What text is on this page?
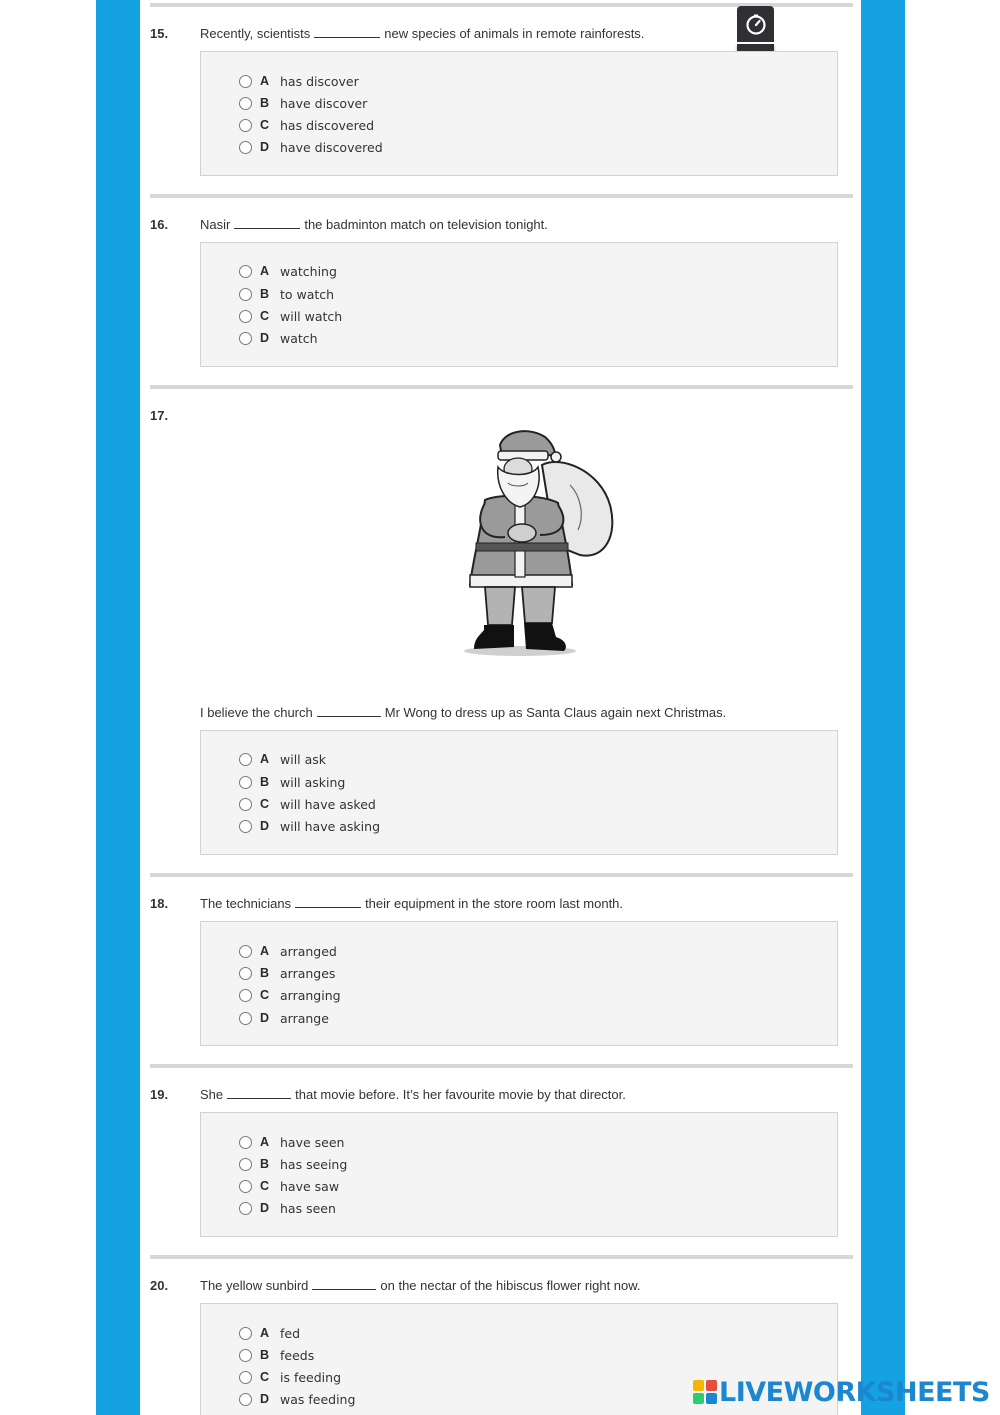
15. Recently, scientists	new species of animals in remote rainforests.
A has discover
B have discover
C has discovered
D have discovered
16. Nasir	the badminton match on television tonight.
A watching
B to watch
C will watch
D watch
17.
I believe the church	Mr Wong to dress up as Santa Claus again next Christmas.
A will ask
B will asking
C will have asked
D will have asking
18. The technicians	their equipment in the store room last month.
A arranged
B arranges
C arranging
D arrange
19. She	that movie before. It’s her favourite movie by that director.
A have seen
B has seeing
C have saw
D has seen
20. The yellow sunbird	on the nectar of the hibiscus flower right now.
A fed
B feeds
C is feeding
D was feeding	LIVEWORKSHEETS
